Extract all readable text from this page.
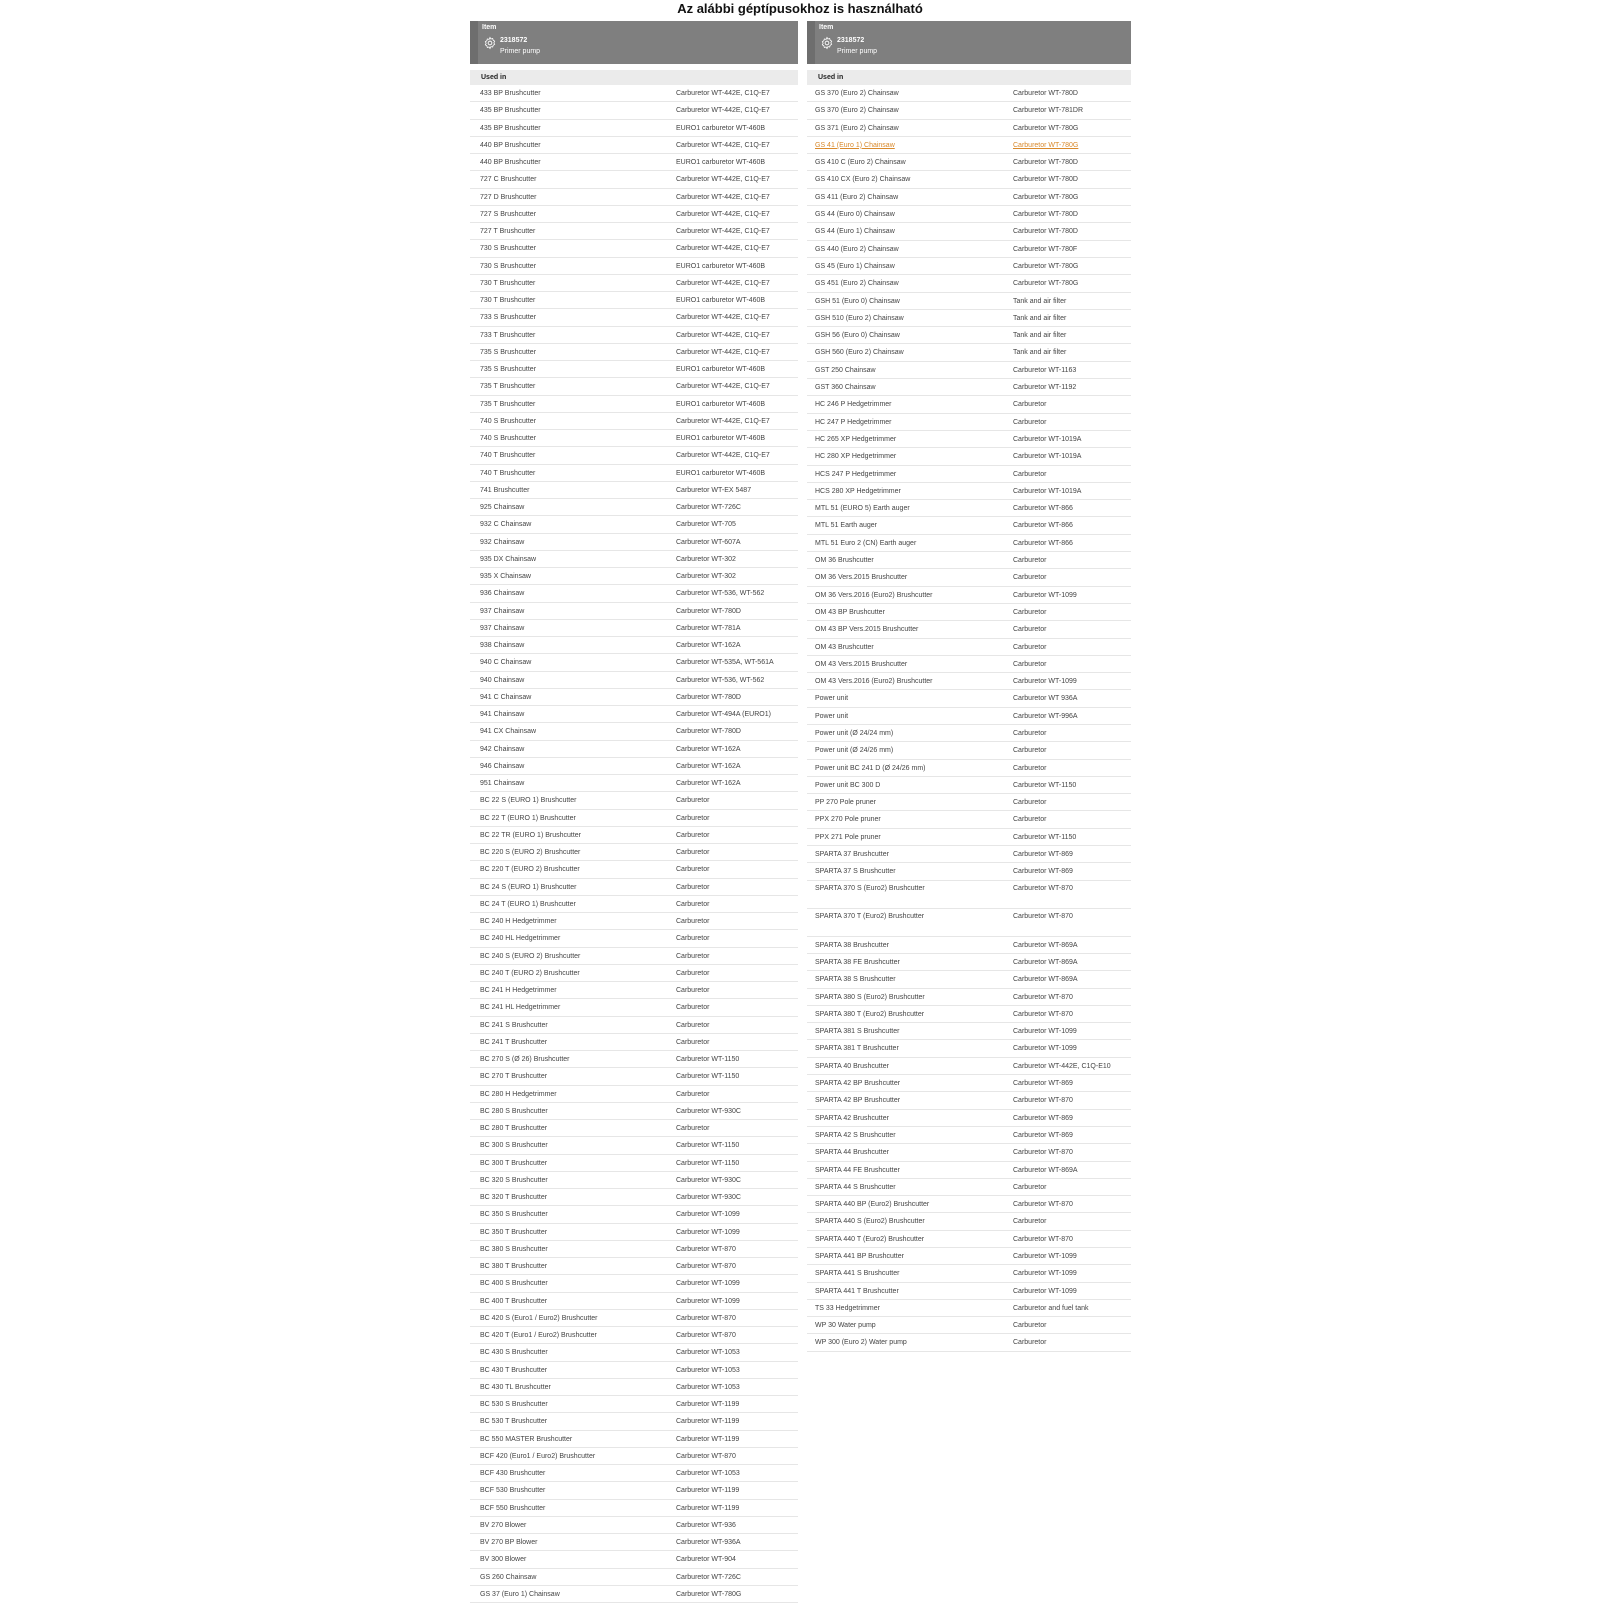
Az alábbi géptípusokhoz is használható
Item
2318572
Primer pump
Used in
433 BP Brushcutter	Carburetor WT-442E, C1Q-E7
435 BP Brushcutter	Carburetor WT-442E, C1Q-E7
435 BP Brushcutter	EURO1 carburetor WT-460B
440 BP Brushcutter	Carburetor WT-442E, C1Q-E7
440 BP Brushcutter	EURO1 carburetor WT-460B
727 C Brushcutter	Carburetor WT-442E, C1Q-E7
727 D Brushcutter	Carburetor WT-442E, C1Q-E7
727 S Brushcutter	Carburetor WT-442E, C1Q-E7
727 T Brushcutter	Carburetor WT-442E, C1Q-E7
730 S Brushcutter	Carburetor WT-442E, C1Q-E7
730 S Brushcutter	EURO1 carburetor WT-460B
730 T Brushcutter	Carburetor WT-442E, C1Q-E7
730 T Brushcutter	EURO1 carburetor WT-460B
733 S Brushcutter	Carburetor WT-442E, C1Q-E7
733 T Brushcutter	Carburetor WT-442E, C1Q-E7
735 S Brushcutter	Carburetor WT-442E, C1Q-E7
735 S Brushcutter	EURO1 carburetor WT-460B
735 T Brushcutter	Carburetor WT-442E, C1Q-E7
735 T Brushcutter	EURO1 carburetor WT-460B
740 S Brushcutter	Carburetor WT-442E, C1Q-E7
740 S Brushcutter	EURO1 carburetor WT-460B
740 T Brushcutter	Carburetor WT-442E, C1Q-E7
740 T Brushcutter	EURO1 carburetor WT-460B
741 Brushcutter	Carburetor WT-EX 5487
925 Chainsaw	Carburetor WT-726C
932 C Chainsaw	Carburetor WT-705
932 Chainsaw	Carburetor WT-607A
935 DX Chainsaw	Carburetor WT-302
935 X Chainsaw	Carburetor WT-302
936 Chainsaw	Carburetor WT-536, WT-562
937 Chainsaw	Carburetor WT-780D
937 Chainsaw	Carburetor WT-781A
938 Chainsaw	Carburetor WT-162A
940 C Chainsaw	Carburetor WT-535A, WT-561A
940 Chainsaw	Carburetor WT-536, WT-562
941 C Chainsaw	Carburetor WT-780D
941 Chainsaw	Carburetor WT-494A (EURO1)
941 CX Chainsaw	Carburetor WT-780D
942 Chainsaw	Carburetor WT-162A
946 Chainsaw	Carburetor WT-162A
951 Chainsaw	Carburetor WT-162A
BC 22 S (EURO 1) Brushcutter	Carburetor
BC 22 T (EURO 1) Brushcutter	Carburetor
BC 22 TR (EURO 1) Brushcutter	Carburetor
BC 220 S (EURO 2) Brushcutter	Carburetor
BC 220 T (EURO 2) Brushcutter	Carburetor
BC 24 S (EURO 1) Brushcutter	Carburetor
BC 24 T (EURO 1) Brushcutter	Carburetor
BC 240 H Hedgetrimmer	Carburetor
BC 240 HL Hedgetrimmer	Carburetor
BC 240 S (EURO 2) Brushcutter	Carburetor
BC 240 T (EURO 2) Brushcutter	Carburetor
BC 241 H Hedgetrimmer	Carburetor
BC 241 HL Hedgetrimmer	Carburetor
BC 241 S Brushcutter	Carburetor
BC 241 T Brushcutter	Carburetor
BC 270 S (Ø 26) Brushcutter	Carburetor WT-1150
BC 270 T Brushcutter	Carburetor WT-1150
BC 280 H Hedgetrimmer	Carburetor
BC 280 S Brushcutter	Carburetor WT-930C
BC 280 T Brushcutter	Carburetor
BC 300 S Brushcutter	Carburetor WT-1150
BC 300 T Brushcutter	Carburetor WT-1150
BC 320 S Brushcutter	Carburetor WT-930C
BC 320 T Brushcutter	Carburetor WT-930C
BC 350 S Brushcutter	Carburetor WT-1099
BC 350 T Brushcutter	Carburetor WT-1099
BC 380 S Brushcutter	Carburetor WT-870
BC 380 T Brushcutter	Carburetor WT-870
BC 400 S Brushcutter	Carburetor WT-1099
BC 400 T Brushcutter	Carburetor WT-1099
BC 420 S (Euro1 / Euro2) Brushcutter	Carburetor WT-870
BC 420 T (Euro1 / Euro2) Brushcutter	Carburetor WT-870
BC 430 S Brushcutter	Carburetor WT-1053
BC 430 T Brushcutter	Carburetor WT-1053
BC 430 TL Brushcutter	Carburetor WT-1053
BC 530 S Brushcutter	Carburetor WT-1199
BC 530 T Brushcutter	Carburetor WT-1199
BC 550 MASTER Brushcutter	Carburetor WT-1199
BCF 420 (Euro1 / Euro2) Brushcutter	Carburetor WT-870
BCF 430 Brushcutter	Carburetor WT-1053
BCF 530 Brushcutter	Carburetor WT-1199
BCF 550 Brushcutter	Carburetor WT-1199
BV 270 Blower	Carburetor WT-936
BV 270 BP Blower	Carburetor WT-936A
BV 300 Blower	Carburetor WT-904
GS 260 Chainsaw	Carburetor WT-726C
GS 37 (Euro 1) Chainsaw	Carburetor WT-780G
Item
2318572
Primer pump
Used in
GS 370 (Euro 2) Chainsaw	Carburetor WT-780D
GS 370 (Euro 2) Chainsaw	Carburetor WT-781DR
GS 371 (Euro 2) Chainsaw	Carburetor WT-780G
GS 41 (Euro 1) Chainsaw	Carburetor WT-780G
GS 410 C (Euro 2) Chainsaw	Carburetor WT-780D
GS 410 CX (Euro 2) Chainsaw	Carburetor WT-780D
GS 411 (Euro 2) Chainsaw	Carburetor WT-780G
GS 44 (Euro 0) Chainsaw	Carburetor WT-780D
GS 44 (Euro 1) Chainsaw	Carburetor WT-780D
GS 440 (Euro 2) Chainsaw	Carburetor WT-780F
GS 45 (Euro 1) Chainsaw	Carburetor WT-780G
GS 451 (Euro 2) Chainsaw	Carburetor WT-780G
GSH 51 (Euro 0) Chainsaw	Tank and air filter
GSH 510 (Euro 2) Chainsaw	Tank and air filter
GSH 56 (Euro 0) Chainsaw	Tank and air filter
GSH 560 (Euro 2) Chainsaw	Tank and air filter
GST 250 Chainsaw	Carburetor WT-1163
GST 360 Chainsaw	Carburetor WT-1192
HC 246 P Hedgetrimmer	Carburetor
HC 247 P Hedgetrimmer	Carburetor
HC 265 XP Hedgetrimmer	Carburetor WT-1019A
HC 280 XP Hedgetrimmer	Carburetor WT-1019A
HCS 247 P Hedgetrimmer	Carburetor
HCS 280 XP Hedgetrimmer	Carburetor WT-1019A
MTL 51 (EURO 5) Earth auger	Carburetor WT-866
MTL 51 Earth auger	Carburetor WT-866
MTL 51 Euro 2 (CN) Earth auger	Carburetor WT-866
OM 36 Brushcutter	Carburetor
OM 36 Vers.2015 Brushcutter	Carburetor
OM 36 Vers.2016 (Euro2) Brushcutter	Carburetor WT-1099
OM 43 BP Brushcutter	Carburetor
OM 43 BP Vers.2015 Brushcutter	Carburetor
OM 43 Brushcutter	Carburetor
OM 43 Vers.2015 Brushcutter	Carburetor
OM 43 Vers.2016 (Euro2) Brushcutter	Carburetor WT-1099
Power unit	Carburetor WT 936A
Power unit	Carburetor WT-996A
Power unit (Ø 24/24 mm)	Carburetor
Power unit (Ø 24/26 mm)	Carburetor
Power unit BC 241 D (Ø 24/26 mm)	Carburetor
Power unit BC 300 D	Carburetor WT-1150
PP 270 Pole pruner	Carburetor
PPX 270 Pole pruner	Carburetor
PPX 271 Pole pruner	Carburetor WT-1150
SPARTA 37 Brushcutter	Carburetor WT-869
SPARTA 37 S Brushcutter	Carburetor WT-869
SPARTA 370 S (Euro2) Brushcutter	Carburetor WT-870
SPARTA 370 T (Euro2) Brushcutter	Carburetor WT-870
SPARTA 38 Brushcutter	Carburetor WT-869A
SPARTA 38 FE Brushcutter	Carburetor WT-869A
SPARTA 38 S Brushcutter	Carburetor WT-869A
SPARTA 380 S (Euro2) Brushcutter	Carburetor WT-870
SPARTA 380 T (Euro2) Brushcutter	Carburetor WT-870
SPARTA 381 S Brushcutter	Carburetor WT-1099
SPARTA 381 T Brushcutter	Carburetor WT-1099
SPARTA 40 Brushcutter	Carburetor WT-442E, C1Q-E10
SPARTA 42 BP Brushcutter	Carburetor WT-869
SPARTA 42 BP Brushcutter	Carburetor WT-870
SPARTA 42 Brushcutter	Carburetor WT-869
SPARTA 42 S Brushcutter	Carburetor WT-869
SPARTA 44 Brushcutter	Carburetor WT-870
SPARTA 44 FE Brushcutter	Carburetor WT-869A
SPARTA 44 S Brushcutter	Carburetor
SPARTA 440 BP (Euro2) Brushcutter	Carburetor WT-870
SPARTA 440 S (Euro2) Brushcutter	Carburetor
SPARTA 440 T (Euro2) Brushcutter	Carburetor WT-870
SPARTA 441 BP Brushcutter	Carburetor WT-1099
SPARTA 441 S Brushcutter	Carburetor WT-1099
SPARTA 441 T Brushcutter	Carburetor WT-1099
TS 33 Hedgetrimmer	Carburetor and fuel tank
WP 30 Water pump	Carburetor
WP 300 (Euro 2) Water pump	Carburetor
